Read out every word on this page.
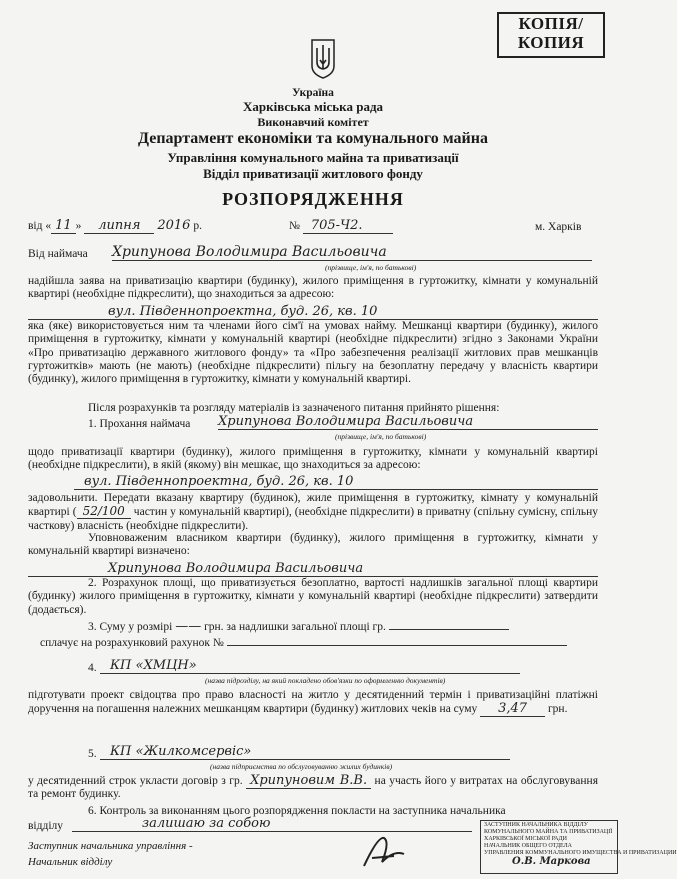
КОПІЯ/
КОПИЯ
Україна
Харківська міська рада
Виконавчий комітет
Департамент економіки та комунального майна
Управління комунального майна та приватизації
Відділ приватизації житлового фонду
РОЗПОРЯДЖЕННЯ
від « 11 » липня 2016 р.	№ 705-Ч2.	м. Харків
Від наймача Хрипунова Володимира Васильовича
(прізвище, ім'я, по батькові)
надійшла заява на приватизацію квартири (будинку), жилого приміщення в гуртожитку, кімнати у комунальній квартирі (необхідне підкреслити), що знаходиться за адресою:
вул. Південнопроектна, буд. 26, кв. 10
яка (яке) використовується ним та членами його сім'ї на умовах найму. Мешканці квартири (будинку), жилого приміщення в гуртожитку, кімнати у комунальній квартирі (необхідне підкреслити) згідно з Законами України «Про приватизацію державного житлового фонду» та «Про забезпечення реалізації житлових прав мешканців гуртожитків» мають (не мають) (необхідне підкреслити) пільгу на безоплатну передачу у власність квартири (будинку), жилого приміщення в гуртожитку, кімнати у комунальній квартирі.
Після розрахунків та розгляду матеріалів із зазначеного питання прийнято рішення:
1. Прохання наймача Хрипунова Володимира Васильовича
(прізвище, ім'я, по батькові)
щодо приватизації квартири (будинку), жилого приміщення в гуртожитку, кімнати у комунальній квартирі (необхідне підкреслити), в якій (якому) він мешкає, що знаходиться за адресою:
вул. Південнопроектна, буд. 26, кв. 10
задовольнити. Передати вказану квартиру (будинок), жиле приміщення в гуртожитку, кімнату у комунальній квартирі ( 52/100 частин у комунальній квартирі), (необхідне підкреслити) в приватну (спільну сумісну, спільну часткову) власність (необхідне підкреслити).
Уповноваженим власником квартири (будинку), жилого приміщення в гуртожитку, кімнати у комунальній квартирі визначено:
Хрипунова Володимира Васильовича
2. Розрахунок площі, що приватизується безоплатно, вартості надлишків загальної площі квартири (будинку) жилого приміщення в гуртожитку, кімнати у комунальній квартирі (необхідне підкреслити) затвердити (додається).
3. Суму у розмірі —— грн. за надлишки загальної площі гр.
сплачує на розрахунковий рахунок №
4.	КП «ХМЦН»
(назва підрозділу, на який покладено обов'язки по оформленню документів)
підготувати проект свідоцтва про право власності на житло у десятиденний термін і приватизаційні платіжні доручення на погашення належних мешканцям квартири (будинку) житлових чеків на суму 3,47 грн.
5.	КП «Жилкомсервіс»
(назва підприємства по обслуговуванню жилих будинків)
у десятиденний строк укласти договір з гр. Хрипуновим В.В. на участь його у витратах на обслуговування та ремонт будинку.
6. Контроль за виконанням цього розпорядження покласти на заступника начальника
відділу	залишаю за собою
Заступник начальника управління -
Начальник відділу
ЗАСТУПНИК НАЧАЛЬНИКА ВІДДІЛУ
КОМУНАЛЬНОГО МАЙНА ТА ПРИВАТИЗАЦІЇ
ХАРКІВСЬКОЇ МІСЬКОЇ РАДИ
НАЧАЛЬНИК ОБЩЕГО ОТДЕЛА
УПРАВЛЕНИЯ КОММУНАЛЬНОГО ИМУЩЕСТВА И ПРИВАТИЗАЦИИ
О.В. Маркова
